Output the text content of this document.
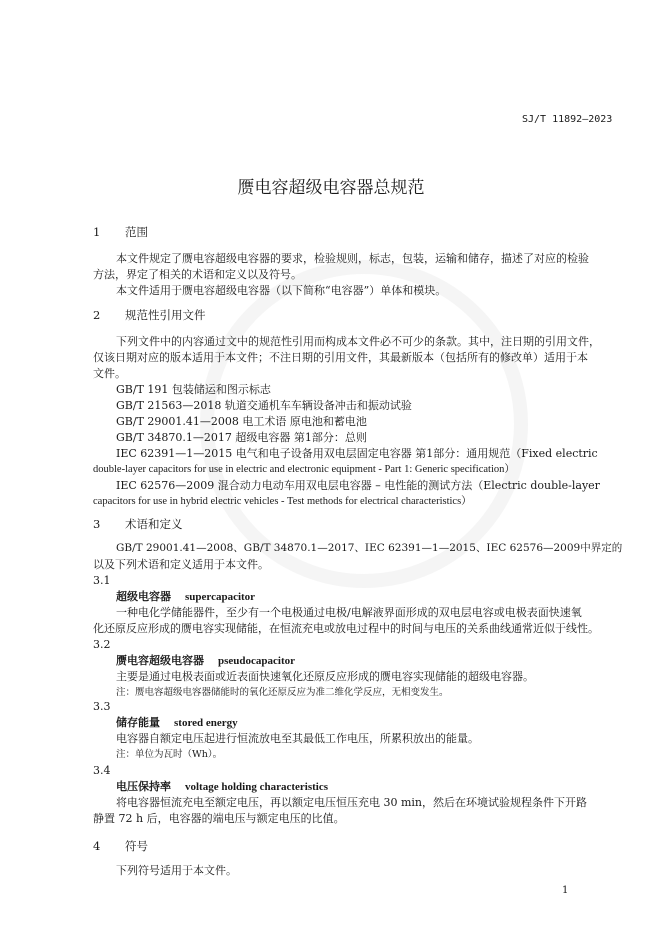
SJ/T 11892—2023
赝电容超级电容器总规范
1 范围
本文件规定了赝电容超级电容器的要求，检验规则，标志，包装，运输和储存，描述了对应的检验
方法，界定了相关的术语和定义以及符号。
本文件适用于赝电容超级电容器（以下简称“电容器”）单体和模块。
2 规范性引用文件
下列文件中的内容通过文中的规范性引用而构成本文件必不可少的条款。其中，注日期的引用文件，
仅该日期对应的版本适用于本文件；不注日期的引用文件，其最新版本（包括所有的修改单）适用于本
文件。
GB/T 191 包装储运和图示标志
GB/T 21563—2018 轨道交通机车车辆设备冲击和振动试验
GB/T 29001.41—2008 电工术语 原电池和蓄电池
GB/T 34870.1—2017 超级电容器 第1部分：总则
IEC 62391—1—2015 电气和电子设备用双电层固定电容器 第1部分：通用规范（Fixed electric
double-layer capacitors for use in electric and electronic equipment - Part 1: Generic specification）
IEC 62576—2009 混合动力电动车用双电层电容器 – 电性能的测试方法（Electric double-layer
capacitors for use in hybrid electric vehicles - Test methods for electrical characteristics）
3 术语和定义
GB/T 29001.41—2008、GB/T 34870.1—2017、IEC 62391—1—2015、IEC 62576—2009中界定的
以及下列术语和定义适用于本文件。
3.1
超级电容器 supercapacitor
一种电化学储能器件，至少有一个电极通过电极/电解液界面形成的双电层电容或电极表面快速氧
化还原反应形成的赝电容实现储能，在恒流充电或放电过程中的时间与电压的关系曲线通常近似于线性。
3.2
赝电容超级电容器 pseudocapacitor
主要是通过电极表面或近表面快速氧化还原反应形成的赝电容实现储能的超级电容器。
注：赝电容超级电容器储能时的氧化还原反应为准二维化学反应，无相变发生。
3.3
储存能量 stored energy
电容器自额定电压起进行恒流放电至其最低工作电压，所累积放出的能量。
注：单位为瓦时（Wh）。
3.4
电压保持率 voltage holding characteristics
将电容器恒流充电至额定电压，再以额定电压恒压充电 30 min，然后在环境试验规程条件下开路
静置 72 h 后，电容器的端电压与额定电压的比值。
4 符号
下列符号适用于本文件。
1
